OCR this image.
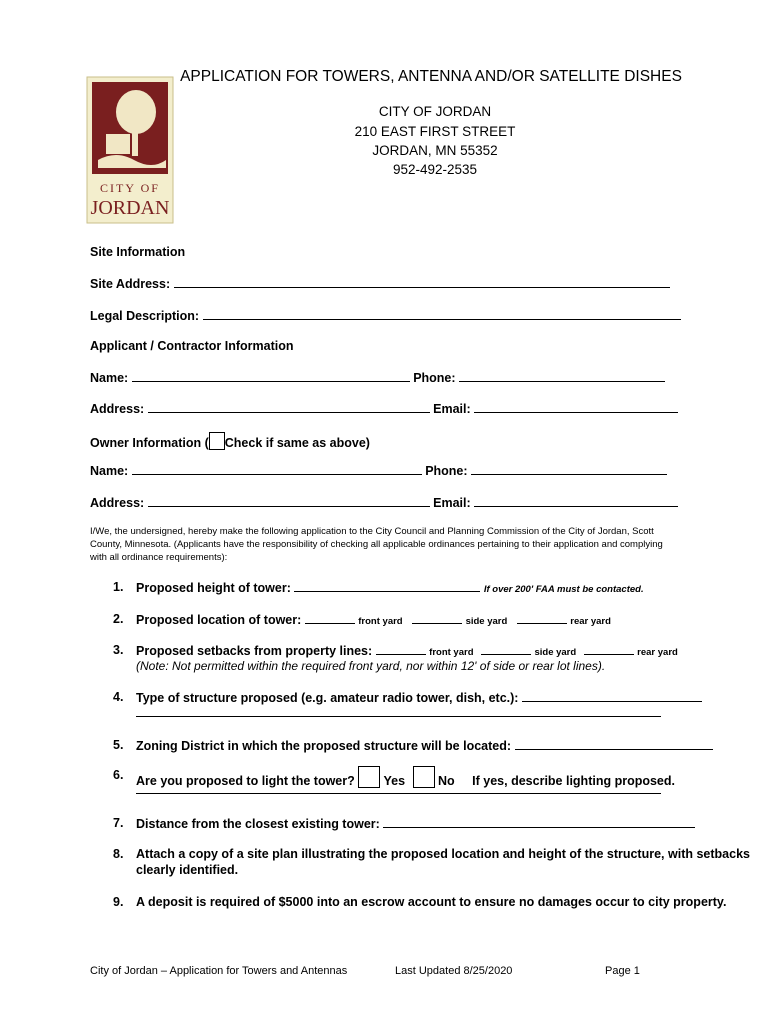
CITY OF
JORDAN
APPLICATION FOR TOWERS, ANTENNA AND/OR SATELLITE DISHES
CITY OF JORDAN
210 EAST FIRST STREET
JORDAN, MN 55352
952-492-2535
Site Information
Site Address:
Legal Description:
Applicant / Contractor Information
Name:	Phone:
Address:	Email:
Owner Information ( Check if same as above)
Name:	Phone:
Address:	Email:
I/We, the undersigned, hereby make the following application to the City Council and Planning Commission of the City of Jordan, Scott County, Minnesota. (Applicants have the responsibility of checking all applicable ordinances pertaining to their application and complying with all ordinance requirements):
1. Proposed height of tower:	If over 200' FAA must be contacted.
2. Proposed location of tower:	front yard	side yard	rear yard
3. Proposed setbacks from property lines:	front yard	side yard	rear yard
(Note: Not permitted within the required front yard, nor within 12' of side or rear lot lines).
4. Type of structure proposed (e.g. amateur radio tower, dish, etc.):
5. Zoning District in which the proposed structure will be located:
6. Are you proposed to light the tower? Yes	No If yes, describe lighting proposed.
7. Distance from the closest existing tower:
8. Attach a copy of a site plan illustrating the proposed location and height of the structure, with setbacks
clearly identified.
9. A deposit is required of $5000 into an escrow account to ensure no damages occur to city property.
City of Jordan – Application for Towers and Antennas	Last Updated 8/25/2020	Page 1
